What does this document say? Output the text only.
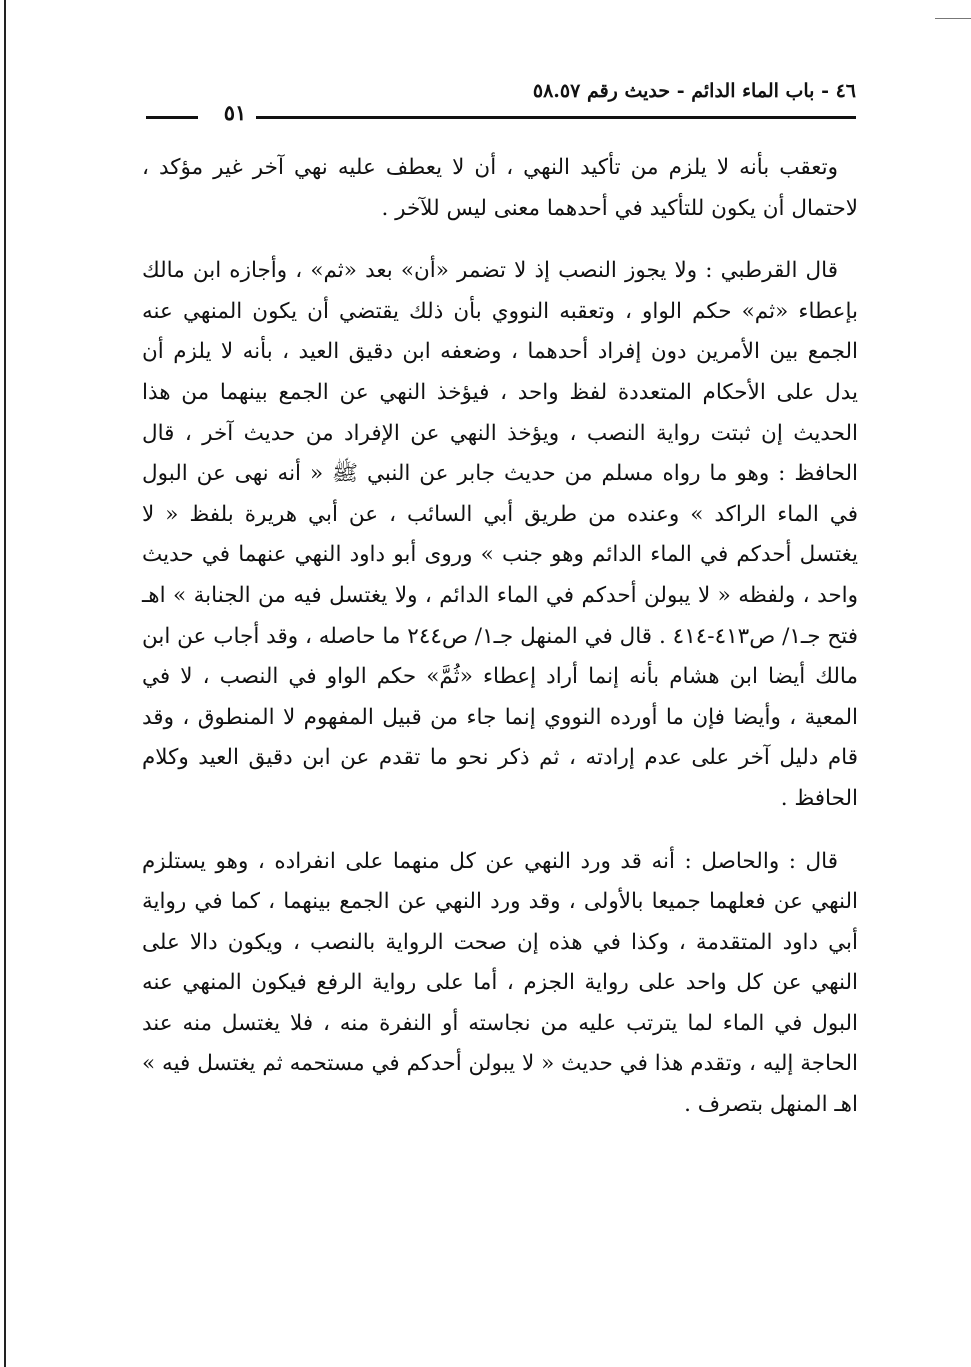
٤٦ - باب الماء الدائم - حديث رقم ٥٨.٥٧
٥١

وتعقب بأنه لا يلزم من تأكيد النهي ، أن لا يعطف عليه نهي آخر غير مؤكد ، لاحتمال أن يكون للتأكيد في أحدهما معنى ليس للآخر .

قال القرطبي : ولا يجوز النصب إذ لا تضمر «أن» بعد «ثم» ، وأجازه ابن مالك بإعطاء «ثم» حكم الواو ، وتعقبه النووي بأن ذلك يقتضي أن يكون المنهي عنه الجمع بين الأمرين دون إفراد أحدهما ، وضعفه ابن دقيق العيد ، بأنه لا يلزم أن يدل على الأحكام المتعددة لفظ واحد ، فيؤخذ النهي عن الجمع بينهما من هذا الحديث إن ثبتت رواية النصب ، ويؤخذ النهي عن الإفراد من حديث آخر ، قال الحافظ : وهو ما رواه مسلم من حديث جابر عن النبي ﷺ « أنه نهى عن البول في الماء الراكد » وعنده من طريق أبي السائب ، عن أبي هريرة بلفظ « لا يغتسل أحدكم في الماء الدائم وهو جنب » وروى أبو داود النهي عنهما في حديث واحد ، ولفظه « لا يبولن أحدكم في الماء الدائم ، ولا يغتسل فيه من الجنابة » اهـ فتح جـ١/ ص٤١٣-٤١٤ . قال في المنهل جـ١/ ص٢٤٤ ما حاصله ، وقد أجاب عن ابن مالك أيضا ابن هشام بأنه إنما أراد إعطاء «ثُمَّ» حكم الواو في النصب ، لا في المعية ، وأيضا فإن ما أورده النووي إنما جاء من قبيل المفهوم لا المنطوق ، وقد قام دليل آخر على عدم إرادته ، ثم ذكر نحو ما تقدم عن ابن دقيق العيد وكلام الحافظ .

قال : والحاصل : أنه قد ورد النهي عن كل منهما على انفراده ، وهو يستلزم النهي عن فعلهما جميعا بالأولى ، وقد ورد النهي عن الجمع بينهما ، كما في رواية أبي داود المتقدمة ، وكذا في هذه إن صحت الرواية بالنصب ، ويكون دالا على النهي عن كل واحد على رواية الجزم ، أما على رواية الرفع فيكون المنهي عنه البول في الماء لما يترتب عليه من نجاسته أو النفرة منه ، فلا يغتسل منه عند الحاجة إليه ، وتقدم هذا في حديث « لا يبولن أحدكم في مستحمه ثم يغتسل فيه » اهـ المنهل بتصرف .
